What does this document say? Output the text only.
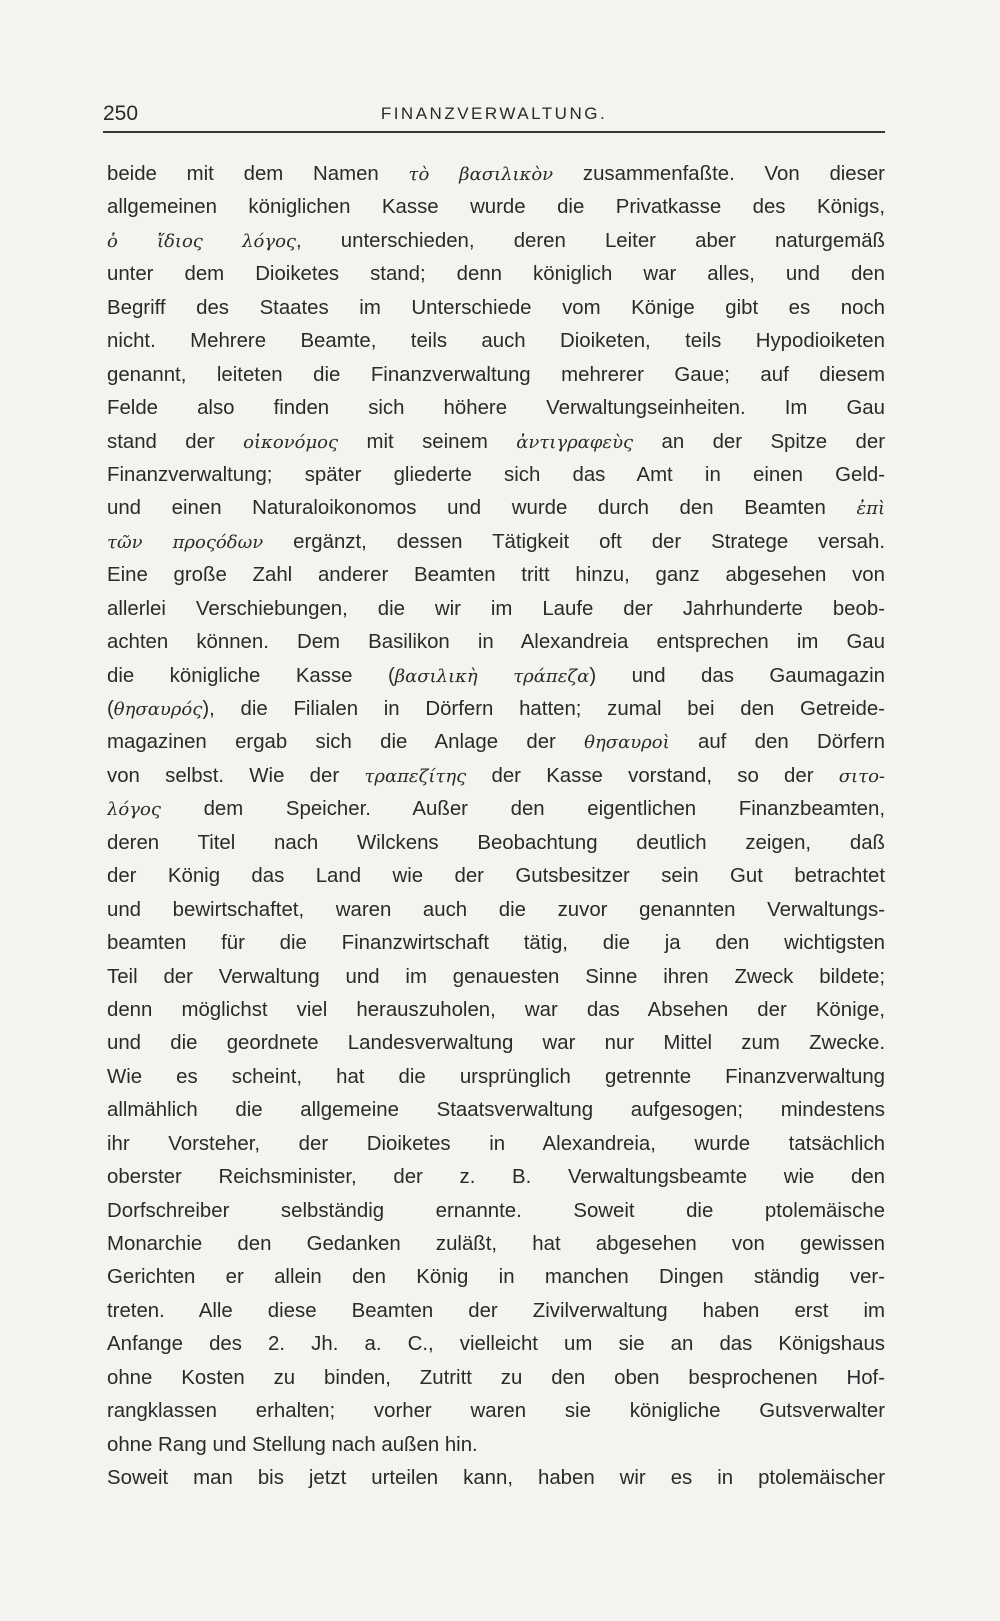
250	FINANZVERWALTUNG.
beide mit dem Namen τὸ βασιλικὸν zusammenfaßte. Von dieser
allgemeinen königlichen Kasse wurde die Privatkasse des Königs,
ὁ ἴδιος λόγος, unterschieden, deren Leiter aber naturgemäß
unter dem Dioiketes stand; denn königlich war alles, und den
Begriff des Staates im Unterschiede vom Könige gibt es noch
nicht. Mehrere Beamte, teils auch Dioiketen, teils Hypodioiketen
genannt, leiteten die Finanzverwaltung mehrerer Gaue; auf diesem
Felde also finden sich höhere Verwaltungseinheiten. Im Gau
stand der οἰκονόμος mit seinem ἀντιγραφεὺς an der Spitze der
Finanzverwaltung; später gliederte sich das Amt in einen Geld-
und einen Naturaloikonomos und wurde durch den Beamten ἐπὶ
τῶν προςόδων ergänzt, dessen Tätigkeit oft der Stratege versah.
Eine große Zahl anderer Beamten tritt hinzu, ganz abgesehen von
allerlei Verschiebungen, die wir im Laufe der Jahrhunderte beob-
achten können. Dem Basilikon in Alexandreia entsprechen im Gau
die königliche Kasse (βασιλικὴ τράπεζα) und das Gaumagazin
(θησαυρός), die Filialen in Dörfern hatten; zumal bei den Getreide-
magazinen ergab sich die Anlage der θησαυροὶ auf den Dörfern
von selbst. Wie der τραπεζίτης der Kasse vorstand, so der σιτο-
λόγος dem Speicher. Außer den eigentlichen Finanzbeamten,
deren Titel nach Wilckens Beobachtung deutlich zeigen, daß
der König das Land wie der Gutsbesitzer sein Gut betrachtet
und bewirtschaftet, waren auch die zuvor genannten Verwaltungs-
beamten für die Finanzwirtschaft tätig, die ja den wichtigsten
Teil der Verwaltung und im genauesten Sinne ihren Zweck bildete;
denn möglichst viel herauszuholen, war das Absehen der Könige,
und die geordnete Landesverwaltung war nur Mittel zum Zwecke.
Wie es scheint, hat die ursprünglich getrennte Finanzverwaltung
allmählich die allgemeine Staatsverwaltung aufgesogen; mindestens
ihr Vorsteher, der Dioiketes in Alexandreia, wurde tatsächlich
oberster Reichsminister, der z. B. Verwaltungsbeamte wie den
Dorfschreiber selbständig ernannte. Soweit die ptolemäische
Monarchie den Gedanken zuläßt, hat abgesehen von gewissen
Gerichten er allein den König in manchen Dingen ständig ver-
treten. Alle diese Beamten der Zivilverwaltung haben erst im
Anfange des 2. Jh. a. C., vielleicht um sie an das Königshaus
ohne Kosten zu binden, Zutritt zu den oben besprochenen Hof-
rangklassen erhalten; vorher waren sie königliche Gutsverwalter
ohne Rang und Stellung nach außen hin.
Soweit man bis jetzt urteilen kann, haben wir es in ptolemäischer
